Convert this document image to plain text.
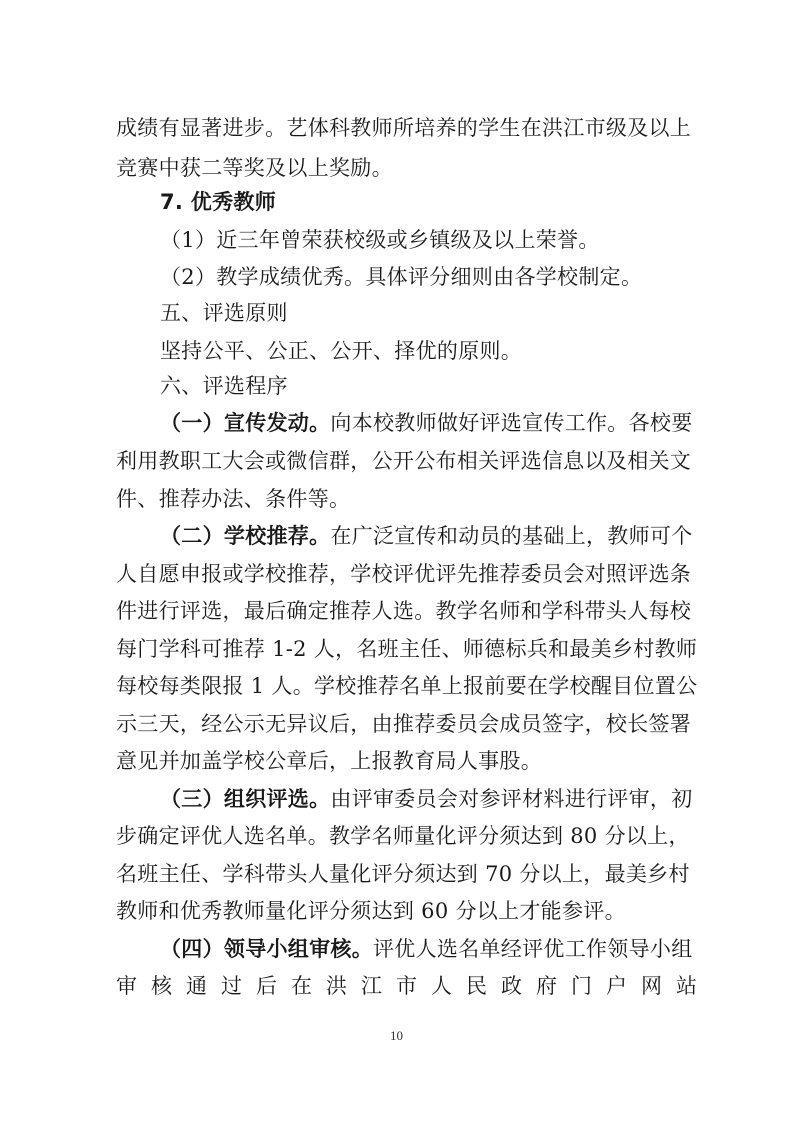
成绩有显著进步。艺体科教师所培养的学生在洪江市级及以上
竞赛中获二等奖及以上奖励。
7. 优秀教师
（1）近三年曾荣获校级或乡镇级及以上荣誉。
（2）教学成绩优秀。具体评分细则由各学校制定。
五、评选原则
坚持公平、公正、公开、择优的原则。
六、评选程序
（一）宣传发动。向本校教师做好评选宣传工作。各校要
利用教职工大会或微信群，公开公布相关评选信息以及相关文
件、推荐办法、条件等。
（二）学校推荐。在广泛宣传和动员的基础上，教师可个
人自愿申报或学校推荐，学校评优评先推荐委员会对照评选条
件进行评选，最后确定推荐人选。教学名师和学科带头人每校
每门学科可推荐 1-2 人，名班主任、师德标兵和最美乡村教师
每校每类限报 1 人。学校推荐名单上报前要在学校醒目位置公
示三天，经公示无异议后，由推荐委员会成员签字，校长签署
意见并加盖学校公章后，上报教育局人事股。
（三）组织评选。由评审委员会对参评材料进行评审，初
步确定评优人选名单。教学名师量化评分须达到 80 分以上，
名班主任、学科带头人量化评分须达到 70 分以上，最美乡村
教师和优秀教师量化评分须达到 60 分以上才能参评。
（四）领导小组审核。评优人选名单经评优工作领导小组
审核通过后在洪江市人民政府门户网站
10
